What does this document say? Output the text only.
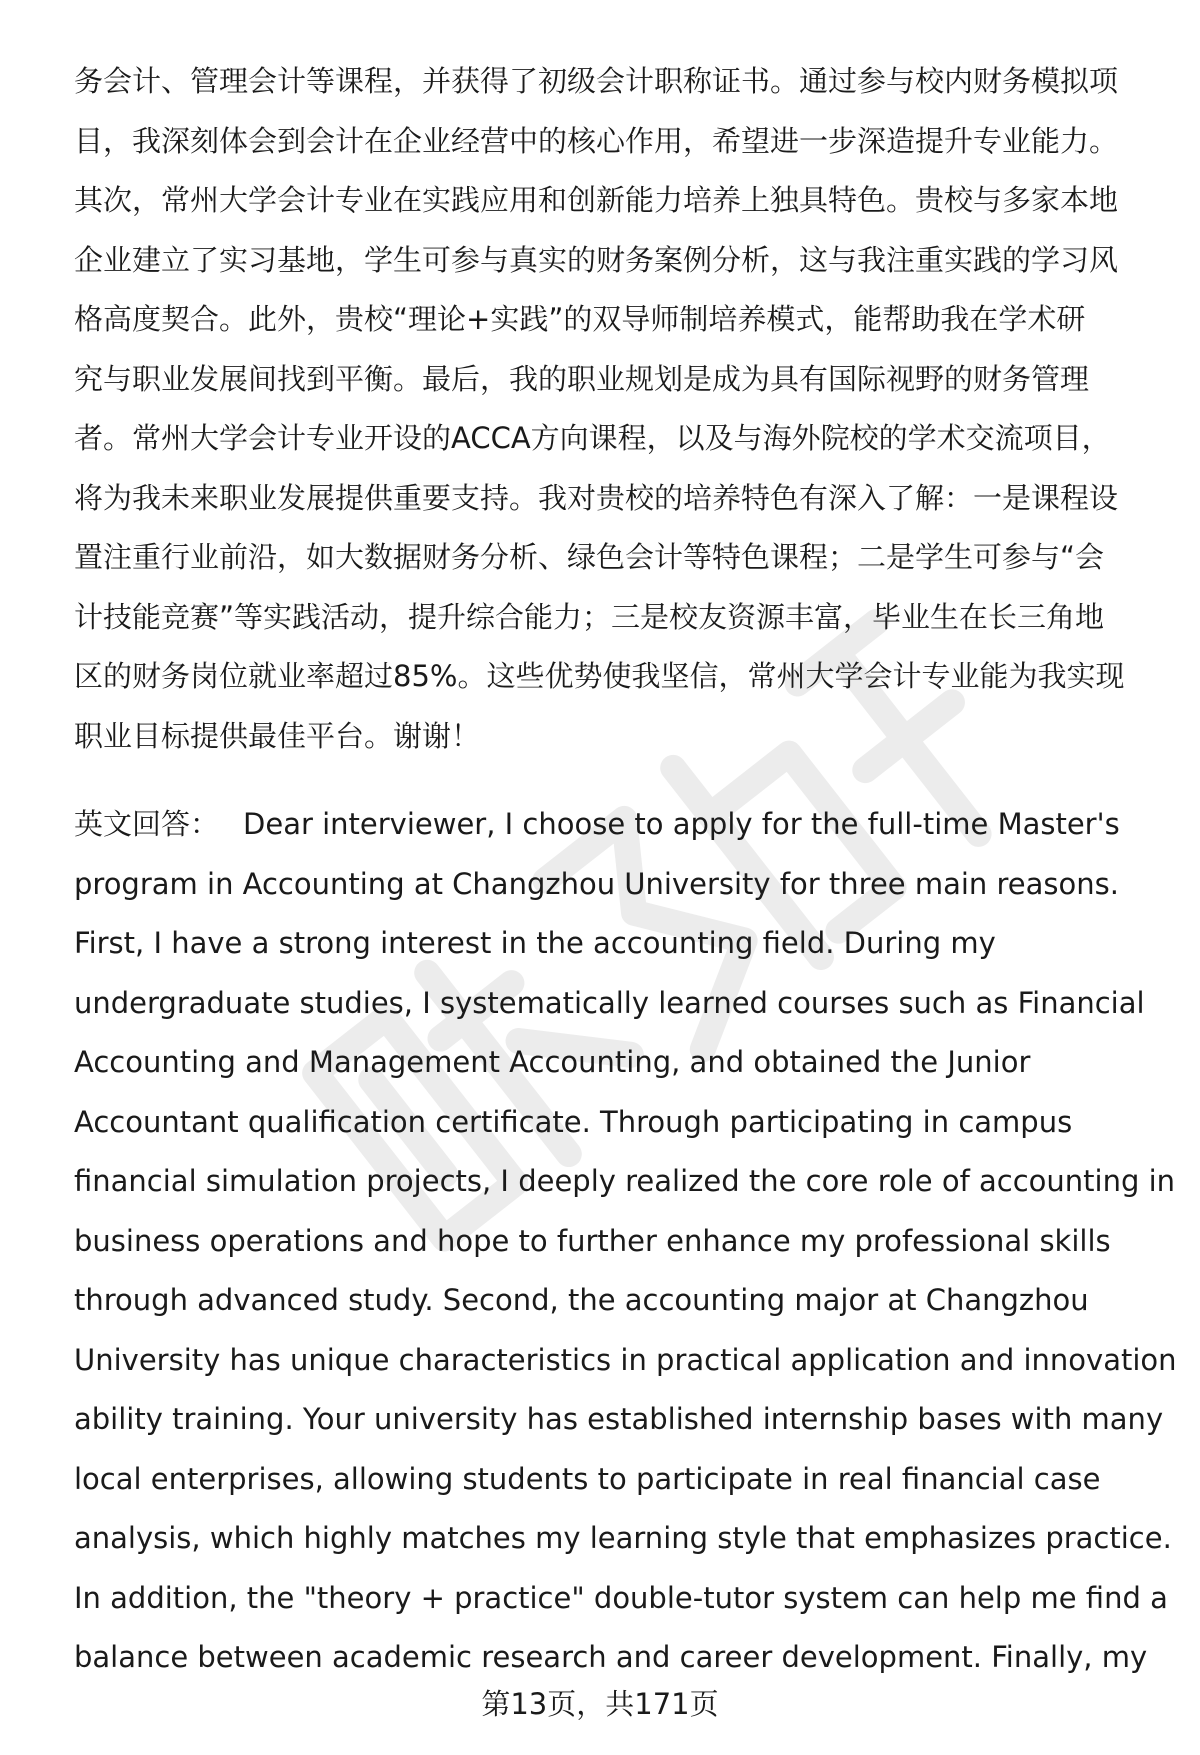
务会计、管理会计等课程，并获得了初级会计职称证书。通过参与校内财务模拟项
目，我深刻体会到会计在企业经营中的核心作用，希望进一步深造提升专业能力。
其次，常州大学会计专业在实践应用和创新能力培养上独具特色。贵校与多家本地
企业建立了实习基地，学生可参与真实的财务案例分析，这与我注重实践的学习风
格高度契合。此外，贵校“理论+实践”的双导师制培养模式，能帮助我在学术研
究与职业发展间找到平衡。最后，我的职业规划是成为具有国际视野的财务管理
者。常州大学会计专业开设的ACCA方向课程，以及与海外院校的学术交流项目，
将为我未来职业发展提供重要支持。我对贵校的培养特色有深入了解：一是课程设
置注重行业前沿，如大数据财务分析、绿色会计等特色课程；二是学生可参与“会
计技能竞赛”等实践活动，提升综合能力；三是校友资源丰富，毕业生在长三角地
区的财务岗位就业率超过85%。这些优势使我坚信，常州大学会计专业能为我实现
职业目标提供最佳平台。谢谢！
英文回答： Dear interviewer, I choose to apply for the full-time Master's
program in Accounting at Changzhou University for three main reasons.
First, I have a strong interest in the accounting field. During my
undergraduate studies, I systematically learned courses such as Financial
Accounting and Management Accounting, and obtained the Junior
Accountant qualification certificate. Through participating in campus
financial simulation projects, I deeply realized the core role of accounting in
business operations and hope to further enhance my professional skills
through advanced study. Second, the accounting major at Changzhou
University has unique characteristics in practical application and innovation
ability training. Your university has established internship bases with many
local enterprises, allowing students to participate in real financial case
analysis, which highly matches my learning style that emphasizes practice.
In addition, the "theory + practice" double-tutor system can help me find a
balance between academic research and career development. Finally, my
第13页，共171页
